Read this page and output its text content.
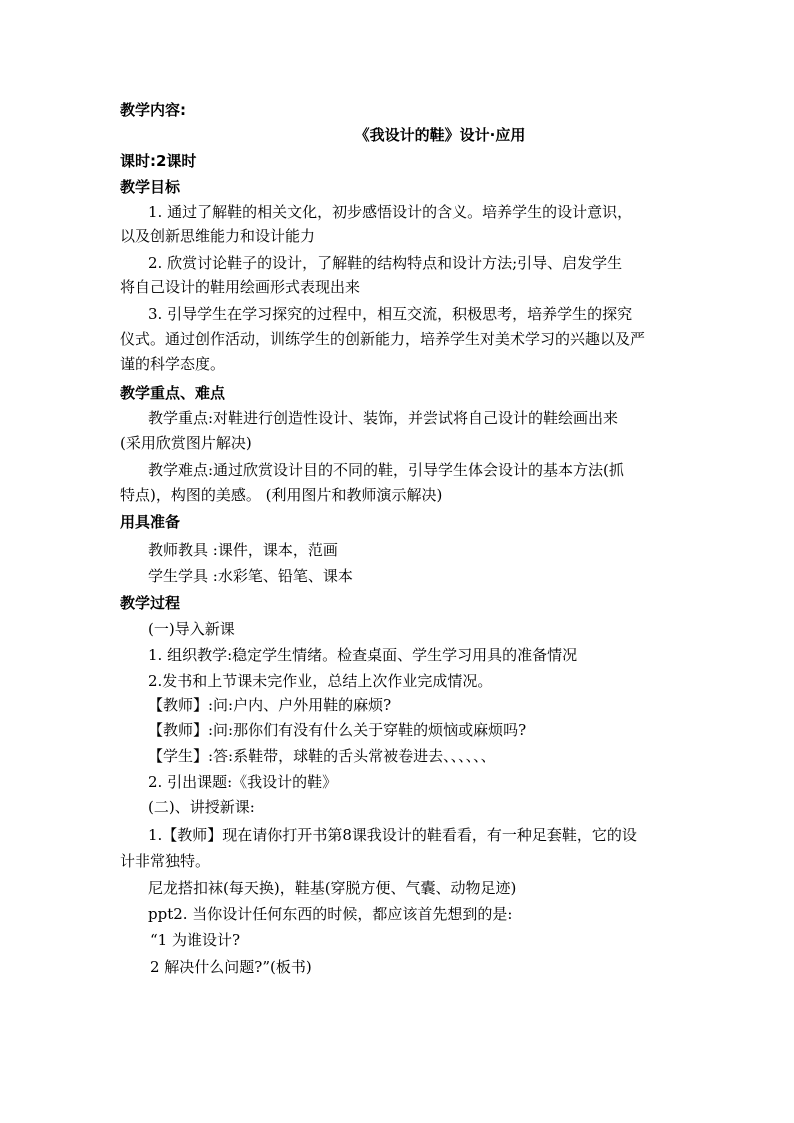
教学内容:
《我设计的鞋》设计·应用
课时:2课时
教学目标
1. 通过了解鞋的相关文化，初步感悟设计的含义。培养学生的设计意识，
以及创新思维能力和设计能力
2. 欣赏讨论鞋子的设计，了解鞋的结构特点和设计方法;引导、启发学生
将自己设计的鞋用绘画形式表现出来
3. 引导学生在学习探究的过程中，相互交流，积极思考，培养学生的探究
仪式。通过创作活动，训练学生的创新能力，培养学生对美术学习的兴趣以及严
谨的科学态度。
教学重点、难点
教学重点:对鞋进行创造性设计、装饰，并尝试将自己设计的鞋绘画出来
(采用欣赏图片解决)
教学难点:通过欣赏设计目的不同的鞋，引导学生体会设计的基本方法(抓
特点)，构图的美感。 (利用图片和教师演示解决)
用具准备
教师教具 :课件，课本，范画
学生学具 :水彩笔、铅笔、课本
教学过程
(一)导入新课
1. 组织教学:稳定学生情绪。检查桌面、学生学习用具的准备情况
2.发书和上节课未完作业，总结上次作业完成情况。
【教师】:问:户内、户外用鞋的麻烦?
【教师】:问:那你们有没有什么关于穿鞋的烦恼或麻烦吗?
【学生】:答:系鞋带，球鞋的舌头常被卷进去、、、、、、
2. 引出课题:《我设计的鞋》
(二)、讲授新课:
1.【教师】现在请你打开书第8课我设计的鞋看看，有一种足套鞋，它的设
计非常独特。
尼龙搭扣袜(每天换)，鞋基(穿脱方便、气囊、动物足迹)
ppt2. 当你设计任何东西的时候，都应该首先想到的是:
“1 为谁设计?
2 解决什么问题?”(板书)
